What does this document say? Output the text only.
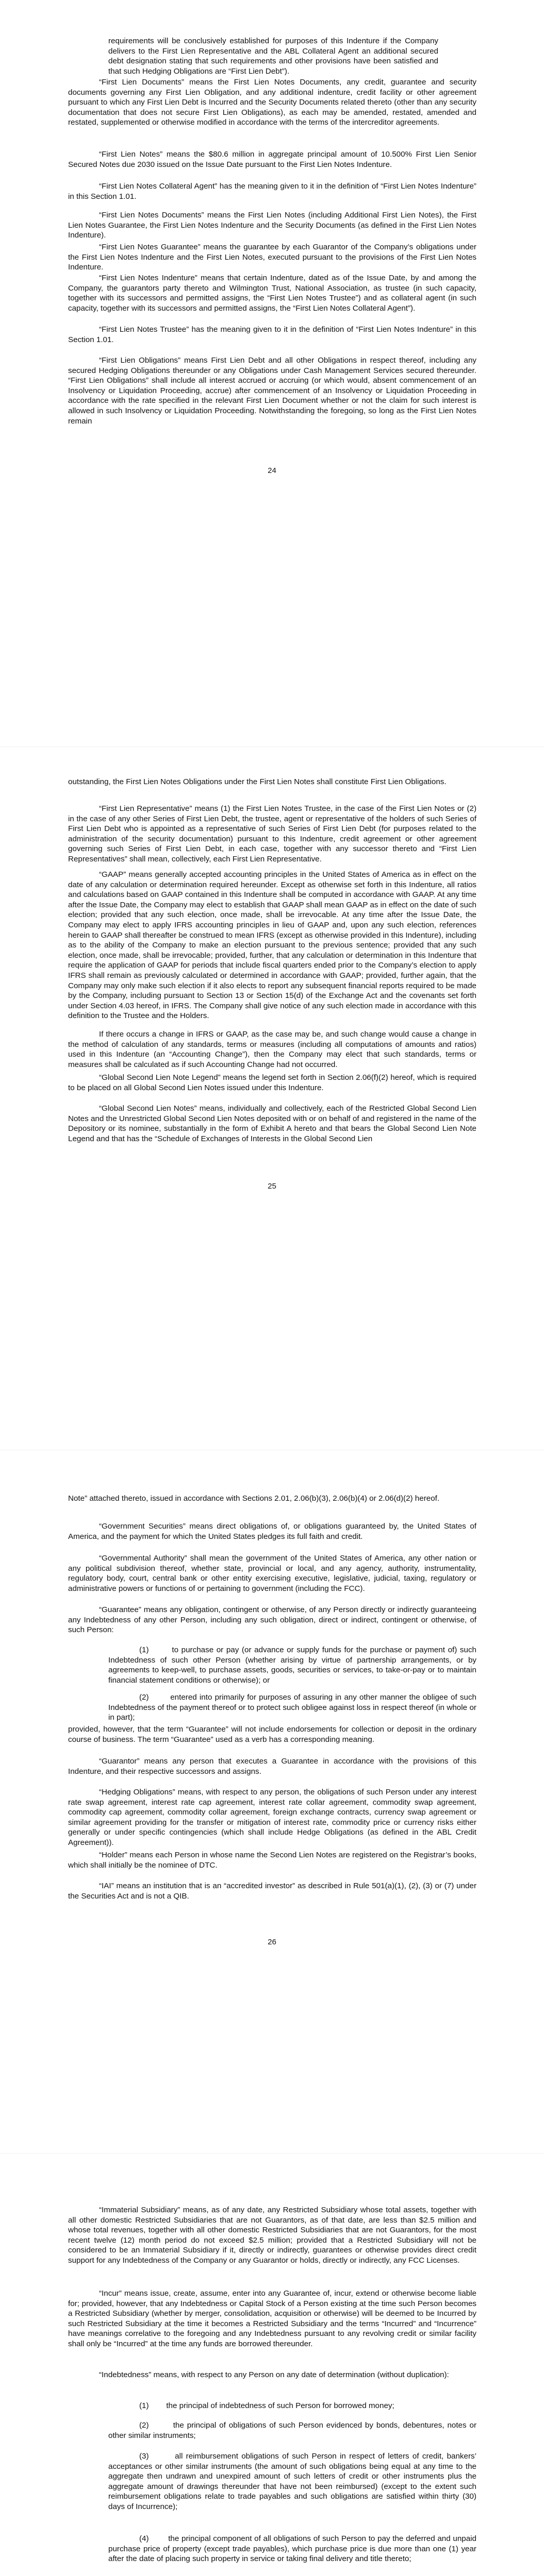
requirements will be conclusively established for purposes of this Indenture if the Company delivers to the First Lien Representative and the ABL Collateral Agent an additional secured debt designation stating that such requirements and other provisions have been satisfied and that such Hedging Obligations are “First Lien Debt”).
“First Lien Documents” means the First Lien Notes Documents, any credit, guarantee and security documents governing any First Lien Obligation, and any additional indenture, credit facility or other agreement pursuant to which any First Lien Debt is Incurred and the Security Documents related thereto (other than any security documentation that does not secure First Lien Obligations), as each may be amended, restated, amended and restated, supplemented or otherwise modified in accordance with the terms of the intercreditor agreements.
“First Lien Notes” means the $80.6 million in aggregate principal amount of 10.500% First Lien Senior Secured Notes due 2030 issued on the Issue Date pursuant to the First Lien Notes Indenture.
“First Lien Notes Collateral Agent” has the meaning given to it in the definition of “First Lien Notes Indenture” in this Section 1.01.
“First Lien Notes Documents” means the First Lien Notes (including Additional First Lien Notes), the First Lien Notes Guarantee, the First Lien Notes Indenture and the Security Documents (as defined in the First Lien Notes Indenture).
“First Lien Notes Guarantee” means the guarantee by each Guarantor of the Company’s obligations under the First Lien Notes Indenture and the First Lien Notes, executed pursuant to the provisions of the First Lien Notes Indenture.
“First Lien Notes Indenture” means that certain Indenture, dated as of the Issue Date, by and among the Company, the guarantors party thereto and Wilmington Trust, National Association, as trustee (in such capacity, together with its successors and permitted assigns, the “First Lien Notes Trustee”) and as collateral agent (in such capacity, together with its successors and permitted assigns, the “First Lien Notes Collateral Agent”).
“First Lien Notes Trustee” has the meaning given to it in the definition of “First Lien Notes Indenture” in this Section 1.01.
“First Lien Obligations” means First Lien Debt and all other Obligations in respect thereof, including any secured Hedging Obligations thereunder or any Obligations under Cash Management Services secured thereunder. “First Lien Obligations” shall include all interest accrued or accruing (or which would, absent commencement of an Insolvency or Liquidation Proceeding, accrue) after commencement of an Insolvency or Liquidation Proceeding in accordance with the rate specified in the relevant First Lien Document whether or not the claim for such interest is allowed in such Insolvency or Liquidation Proceeding. Notwithstanding the foregoing, so long as the First Lien Notes remain
24
outstanding, the First Lien Notes Obligations under the First Lien Notes shall constitute First Lien Obligations.
“First Lien Representative” means (1) the First Lien Notes Trustee, in the case of the First Lien Notes or (2) in the case of any other Series of First Lien Debt, the trustee, agent or representative of the holders of such Series of First Lien Debt who is appointed as a representative of such Series of First Lien Debt (for purposes related to the administration of the security documentation) pursuant to this Indenture, credit agreement or other agreement governing such Series of First Lien Debt, in each case, together with any successor thereto and “First Lien Representatives” shall mean, collectively, each First Lien Representative.
“GAAP” means generally accepted accounting principles in the United States of America as in effect on the date of any calculation or determination required hereunder. Except as otherwise set forth in this Indenture, all ratios and calculations based on GAAP contained in this Indenture shall be computed in accordance with GAAP. At any time after the Issue Date, the Company may elect to establish that GAAP shall mean GAAP as in effect on the date of such election; provided that any such election, once made, shall be irrevocable. At any time after the Issue Date, the Company may elect to apply IFRS accounting principles in lieu of GAAP and, upon any such election, references herein to GAAP shall thereafter be construed to mean IFRS (except as otherwise provided in this Indenture), including as to the ability of the Company to make an election pursuant to the previous sentence; provided that any such election, once made, shall be irrevocable; provided, further, that any calculation or determination in this Indenture that require the application of GAAP for periods that include fiscal quarters ended prior to the Company’s election to apply IFRS shall remain as previously calculated or determined in accordance with GAAP; provided, further again, that the Company may only make such election if it also elects to report any subsequent financial reports required to be made by the Company, including pursuant to Section 13 or Section 15(d) of the Exchange Act and the covenants set forth under Section 4.03 hereof, in IFRS. The Company shall give notice of any such election made in accordance with this definition to the Trustee and the Holders.
If there occurs a change in IFRS or GAAP, as the case may be, and such change would cause a change in the method of calculation of any standards, terms or measures (including all computations of amounts and ratios) used in this Indenture (an “Accounting Change”), then the Company may elect that such standards, terms or measures shall be calculated as if such Accounting Change had not occurred.
“Global Second Lien Note Legend” means the legend set forth in Section 2.06(f)(2) hereof, which is required to be placed on all Global Second Lien Notes issued under this Indenture.
“Global Second Lien Notes” means, individually and collectively, each of the Restricted Global Second Lien Notes and the Unrestricted Global Second Lien Notes deposited with or on behalf of and registered in the name of the Depository or its nominee, substantially in the form of Exhibit A hereto and that bears the Global Second Lien Note Legend and that has the “Schedule of Exchanges of Interests in the Global Second Lien
25
Note” attached thereto, issued in accordance with Sections 2.01, 2.06(b)(3), 2.06(b)(4) or 2.06(d)(2) hereof.
“Government Securities” means direct obligations of, or obligations guaranteed by, the United States of America, and the payment for which the United States pledges its full faith and credit.
“Governmental Authority” shall mean the government of the United States of America, any other nation or any political subdivision thereof, whether state, provincial or local, and any agency, authority, instrumentality, regulatory body, court, central bank or other entity exercising executive, legislative, judicial, taxing, regulatory or administrative powers or functions of or pertaining to government (including the FCC).
“Guarantee” means any obligation, contingent or otherwise, of any Person directly or indirectly guaranteeing any Indebtedness of any other Person, including any such obligation, direct or indirect, contingent or otherwise, of such Person:
(1)        to purchase or pay (or advance or supply funds for the purchase or payment of) such Indebtedness of such other Person (whether arising by virtue of partnership arrangements, or by agreements to keep-well, to purchase assets, goods, securities or services, to take-or-pay or to maintain financial statement conditions or otherwise); or
(2)        entered into primarily for purposes of assuring in any other manner the obligee of such Indebtedness of the payment thereof or to protect such obligee against loss in respect thereof (in whole or in part);
provided, however, that the term “Guarantee” will not include endorsements for collection or deposit in the ordinary course of business. The term “Guarantee” used as a verb has a corresponding meaning.
“Guarantor” means any person that executes a Guarantee in accordance with the provisions of this Indenture, and their respective successors and assigns.
“Hedging Obligations” means, with respect to any person, the obligations of such Person under any interest rate swap agreement, interest rate cap agreement, interest rate collar agreement, commodity swap agreement, commodity cap agreement, commodity collar agreement, foreign exchange contracts, currency swap agreement or similar agreement providing for the transfer or mitigation of interest rate, commodity price or currency risks either generally or under specific contingencies (which shall include Hedge Obligations (as defined in the ABL Credit Agreement)).
“Holder” means each Person in whose name the Second Lien Notes are registered on the Registrar’s books, which shall initially be the nominee of DTC.
“IAI” means an institution that is an “accredited investor” as described in Rule 501(a)(1), (2), (3) or (7) under the Securities Act and is not a QIB.
26
“Immaterial Subsidiary” means, as of any date, any Restricted Subsidiary whose total assets, together with all other domestic Restricted Subsidiaries that are not Guarantors, as of that date, are less than $2.5 million and whose total revenues, together with all other domestic Restricted Subsidiaries that are not Guarantors, for the most recent twelve (12) month period do not exceed $2.5 million; provided that a Restricted Subsidiary will not be considered to be an Immaterial Subsidiary if it, directly or indirectly, guarantees or otherwise provides direct credit support for any Indebtedness of the Company or any Guarantor or holds, directly or indirectly, any FCC Licenses.
“Incur” means issue, create, assume, enter into any Guarantee of, incur, extend or otherwise become liable for; provided, however, that any Indebtedness or Capital Stock of a Person existing at the time such Person becomes a Restricted Subsidiary (whether by merger, consolidation, acquisition or otherwise) will be deemed to be Incurred by such Restricted Subsidiary at the time it becomes a Restricted Subsidiary and the terms “Incurred” and “Incurrence” have meanings correlative to the foregoing and any Indebtedness pursuant to any revolving credit or similar facility shall only be “Incurred” at the time any funds are borrowed thereunder.
“Indebtedness” means, with respect to any Person on any date of determination (without duplication):
(1)        the principal of indebtedness of such Person for borrowed money;
(2)        the principal of obligations of such Person evidenced by bonds, debentures, notes or other similar instruments;
(3)        all reimbursement obligations of such Person in respect of letters of credit, bankers’ acceptances or other similar instruments (the amount of such obligations being equal at any time to the aggregate then undrawn and unexpired amount of such letters of credit or other instruments plus the aggregate amount of drawings thereunder that have not been reimbursed) (except to the extent such reimbursement obligations relate to trade payables and such obligations are satisfied within thirty (30) days of Incurrence);
(4)        the principal component of all obligations of such Person to pay the deferred and unpaid purchase price of property (except trade payables), which purchase price is due more than one (1) year after the date of placing such property in service or taking final delivery and title thereto;
